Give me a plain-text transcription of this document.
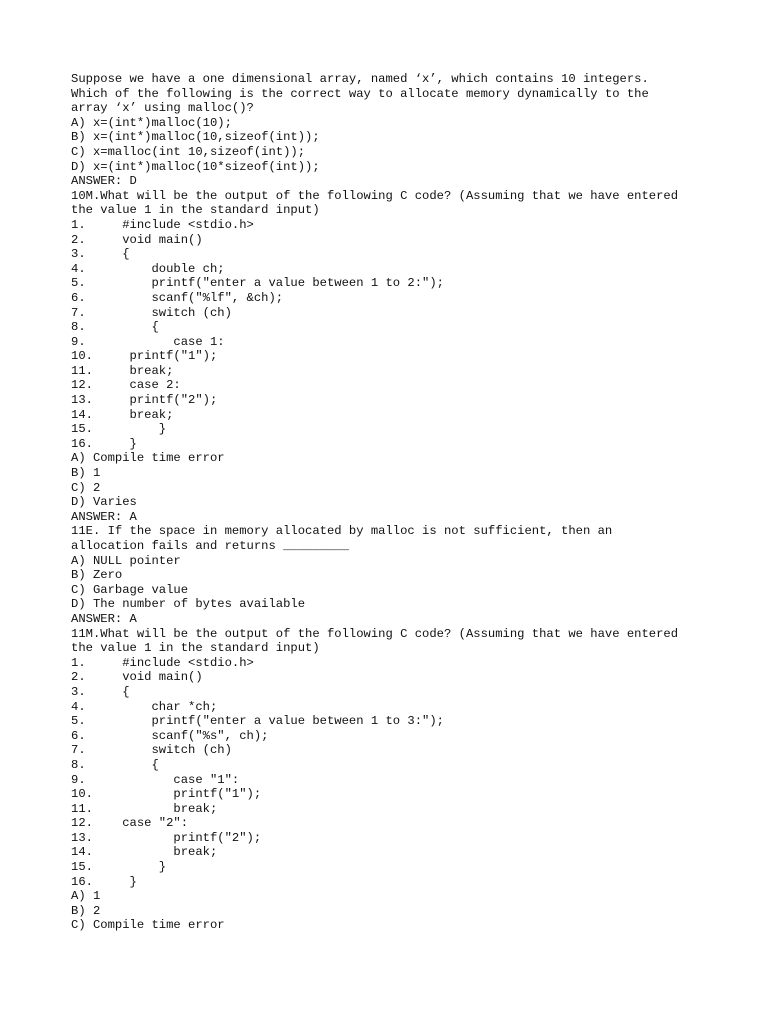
Suppose we have a one dimensional array, named ‘x’, which contains 10 integers.
Which of the following is the correct way to allocate memory dynamically to the
array ‘x’ using malloc()?
A) x=(int*)malloc(10);
B) x=(int*)malloc(10,sizeof(int));
C) x=malloc(int 10,sizeof(int));
D) x=(int*)malloc(10*sizeof(int));
ANSWER: D
10M.What will be the output of the following C code? (Assuming that we have entered
the value 1 in the standard input)
1.     #include <stdio.h>
2.     void main()
3.     {
4.         double ch;
5.         printf("enter a value between 1 to 2:");
6.         scanf("%lf", &ch);
7.         switch (ch)
8.         {
9.            case 1:
10.     printf("1");
11.     break;
12.     case 2:
13.     printf("2");
14.     break;
15.         }
16.     }
A) Compile time error
B) 1
C) 2
D) Varies
ANSWER: A
11E. If the space in memory allocated by malloc is not sufficient, then an
allocation fails and returns _________
A) NULL pointer
B) Zero
C) Garbage value
D) The number of bytes available
ANSWER: A
11M.What will be the output of the following C code? (Assuming that we have entered
the value 1 in the standard input)
1.     #include <stdio.h>
2.     void main()
3.     {
4.         char *ch;
5.         printf("enter a value between 1 to 3:");
6.         scanf("%s", ch);
7.         switch (ch)
8.         {
9.            case "1":
10.           printf("1");
11.           break;
12.    case "2":
13.           printf("2");
14.           break;
15.         }
16.     }
A) 1
B) 2
C) Compile time error
